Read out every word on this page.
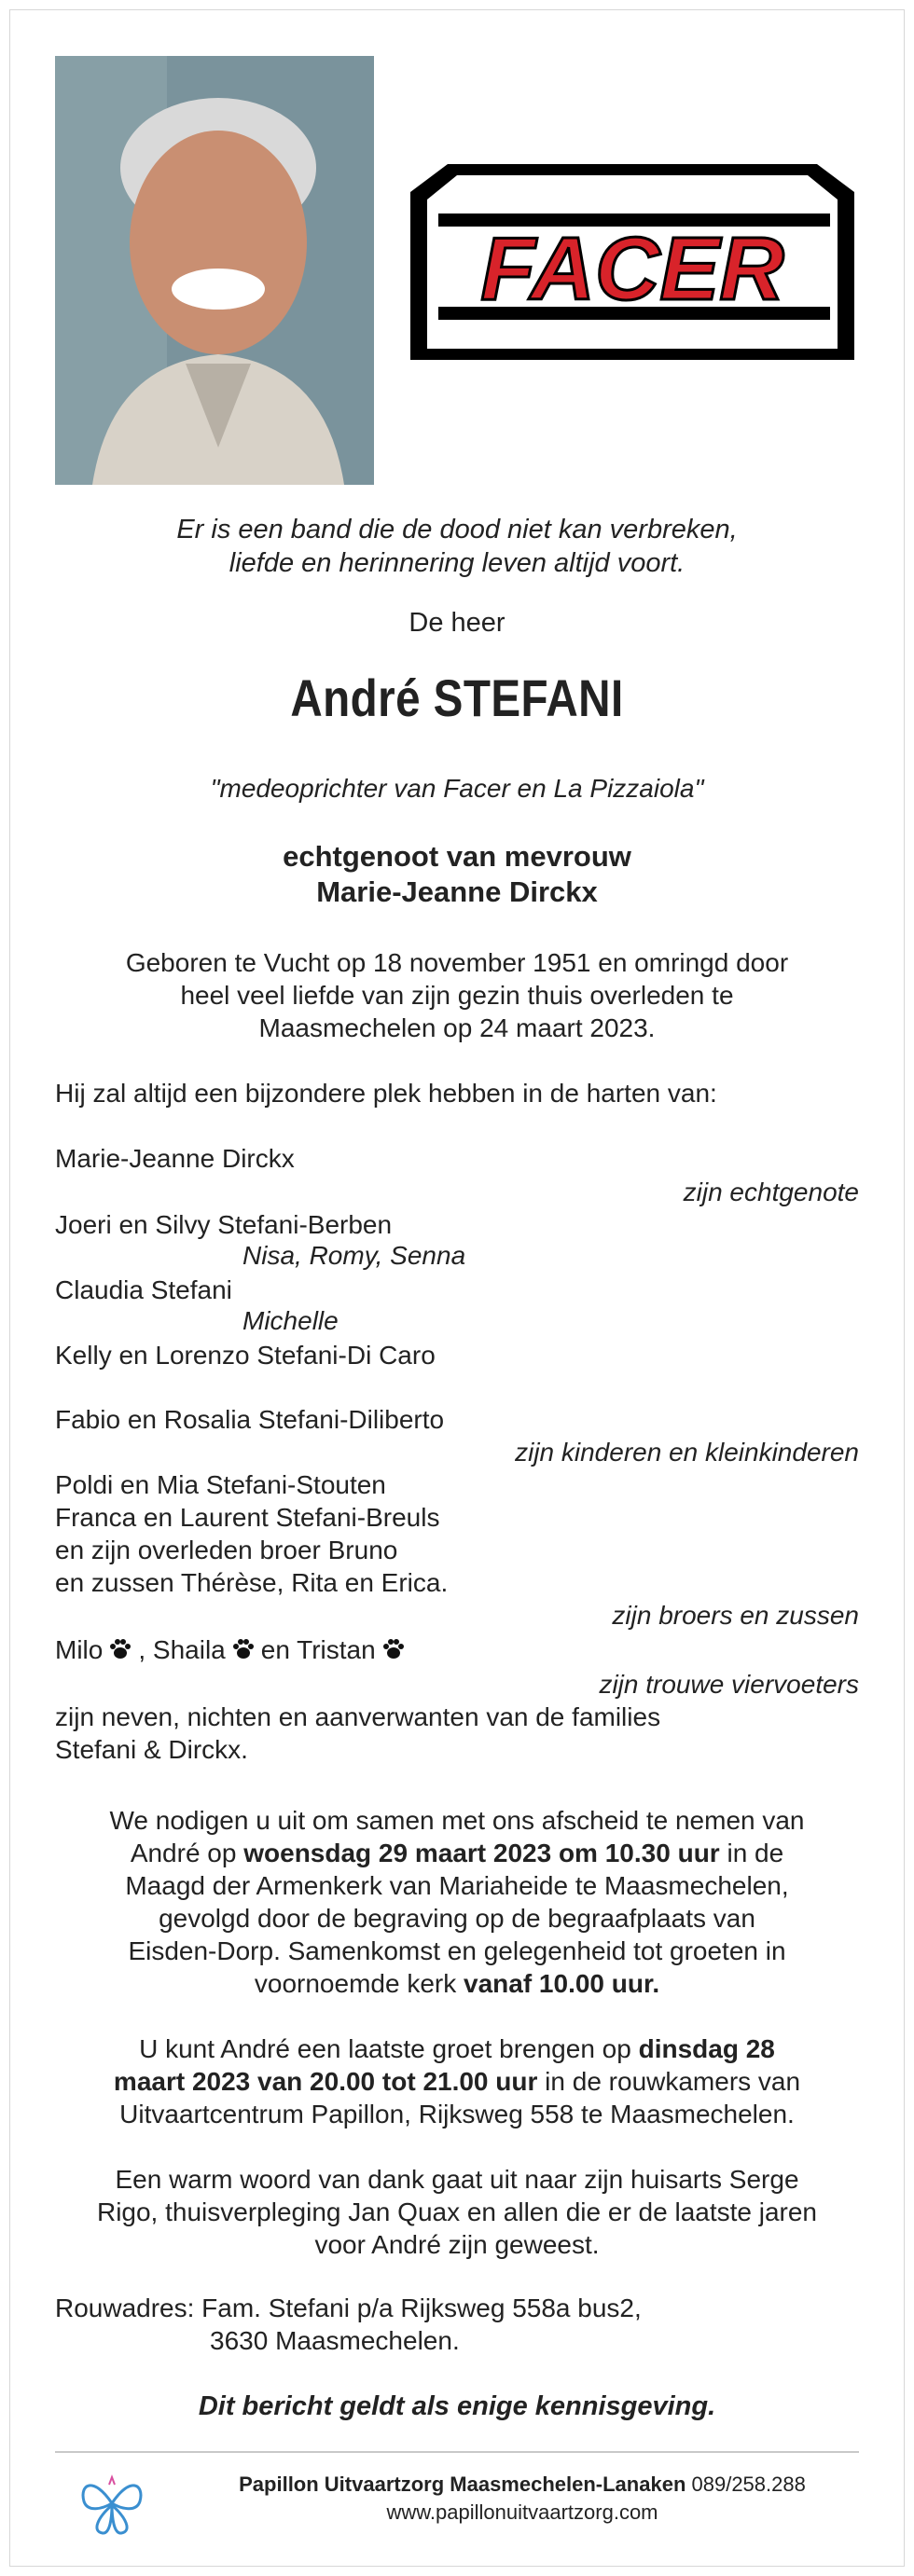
FACER
Er is een band die de dood niet kan verbreken,
liefde en herinnering leven altijd voort.
De heer
André STEFANI
"medeoprichter van Facer en La Pizzaiola"
echtgenoot van mevrouw
Marie-Jeanne Dirckx
Geboren te Vucht op 18 november 1951 en omringd door
heel veel liefde van zijn gezin thuis overleden te
Maasmechelen op 24 maart 2023.
Hij zal altijd een bijzondere plek hebben in de harten van:
Marie-Jeanne Dirckx
zijn echtgenote
Joeri en Silvy Stefani-Berben
Nisa, Romy, Senna
Claudia Stefani
Michelle
Kelly en Lorenzo Stefani-Di Caro
Fabio en Rosalia Stefani-Diliberto
zijn kinderen en kleinkinderen
Poldi en Mia Stefani-Stouten
Franca en Laurent Stefani-Breuls
en zijn overleden broer Bruno
en zussen Thérèse, Rita en Erica.
zijn broers en zussen
Milo , Shaila en Tristan
zijn trouwe viervoeters
zijn neven, nichten en aanverwanten van de families
Stefani & Dirckx.
We nodigen u uit om samen met ons afscheid te nemen van
André op woensdag 29 maart 2023 om 10.30 uur in de
Maagd der Armenkerk van Mariaheide te Maasmechelen,
gevolgd door de begraving op de begraafplaats van
Eisden-Dorp. Samenkomst en gelegenheid tot groeten in
voornoemde kerk vanaf 10.00 uur.
U kunt André een laatste groet brengen op dinsdag 28
maart 2023 van 20.00 tot 21.00 uur in de rouwkamers van
Uitvaartcentrum Papillon, Rijksweg 558 te Maasmechelen.
Een warm woord van dank gaat uit naar zijn huisarts Serge
Rigo, thuisverpleging Jan Quax en allen die er de laatste jaren
voor André zijn geweest.
Rouwadres: Fam. Stefani p/a Rijksweg 558a bus2,
3630 Maasmechelen.
Dit bericht geldt als enige kennisgeving.
Papillon Uitvaartzorg Maasmechelen-Lanaken 089/258.288
www.papillonuitvaartzorg.com
